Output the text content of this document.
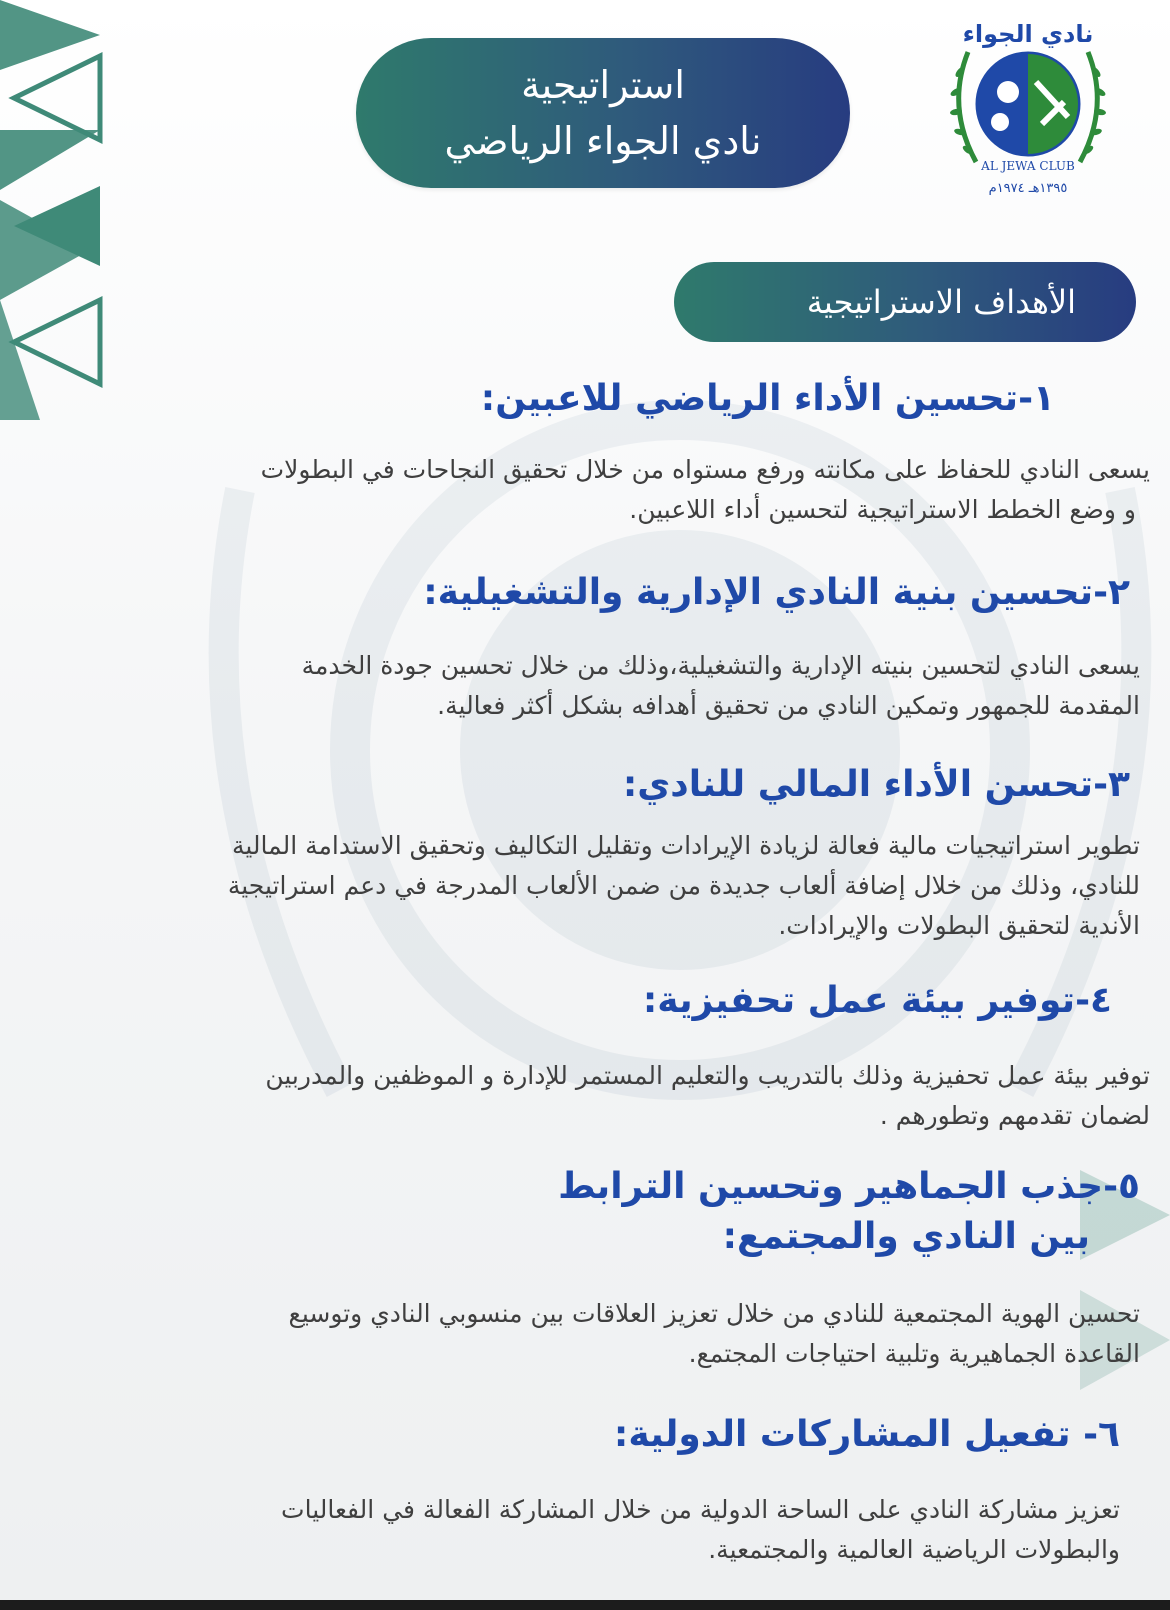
استراتيجية
نادي الجواء الرياضي
نادي الجواء
AL JEWA CLUB
١٣٩٥هـ ١٩٧٤م
الأهداف الاستراتيجية
١-تحسين الأداء الرياضي للاعبين:
يسعى النادي للحفاظ على مكانته ورفع مستواه من خلال تحقيق النجاحات في البطولات
و وضع الخطط الاستراتيجية لتحسين أداء اللاعبين.
٢-تحسين بنية النادي الإدارية والتشغيلية:
يسعى النادي لتحسين بنيته الإدارية والتشغيلية،وذلك من خلال تحسين جودة الخدمة
المقدمة للجمهور وتمكين النادي من تحقيق أهدافه بشكل أكثر فعالية.
٣-تحسن الأداء المالي للنادي:
تطوير استراتيجيات مالية فعالة لزيادة الإيرادات وتقليل التكاليف وتحقيق الاستدامة المالية
للنادي، وذلك من خلال إضافة ألعاب جديدة من ضمن الألعاب المدرجة في دعم استراتيجية
الأندية لتحقيق البطولات والإيرادات.
٤-توفير بيئة عمل تحفيزية:
توفير بيئة عمل تحفيزية وذلك بالتدريب والتعليم المستمر للإدارة و الموظفين والمدربين
لضمان تقدمهم وتطورهم .
٥-جذب الجماهير وتحسين الترابط
بين النادي والمجتمع:
تحسين الهوية المجتمعية للنادي من خلال تعزيز العلاقات بين منسوبي النادي وتوسيع
القاعدة الجماهيرية وتلبية احتياجات المجتمع.
٦- تفعيل المشاركات الدولية:
تعزيز مشاركة النادي على الساحة الدولية من خلال المشاركة الفعالة في الفعاليات
والبطولات الرياضية العالمية والمجتمعية.
